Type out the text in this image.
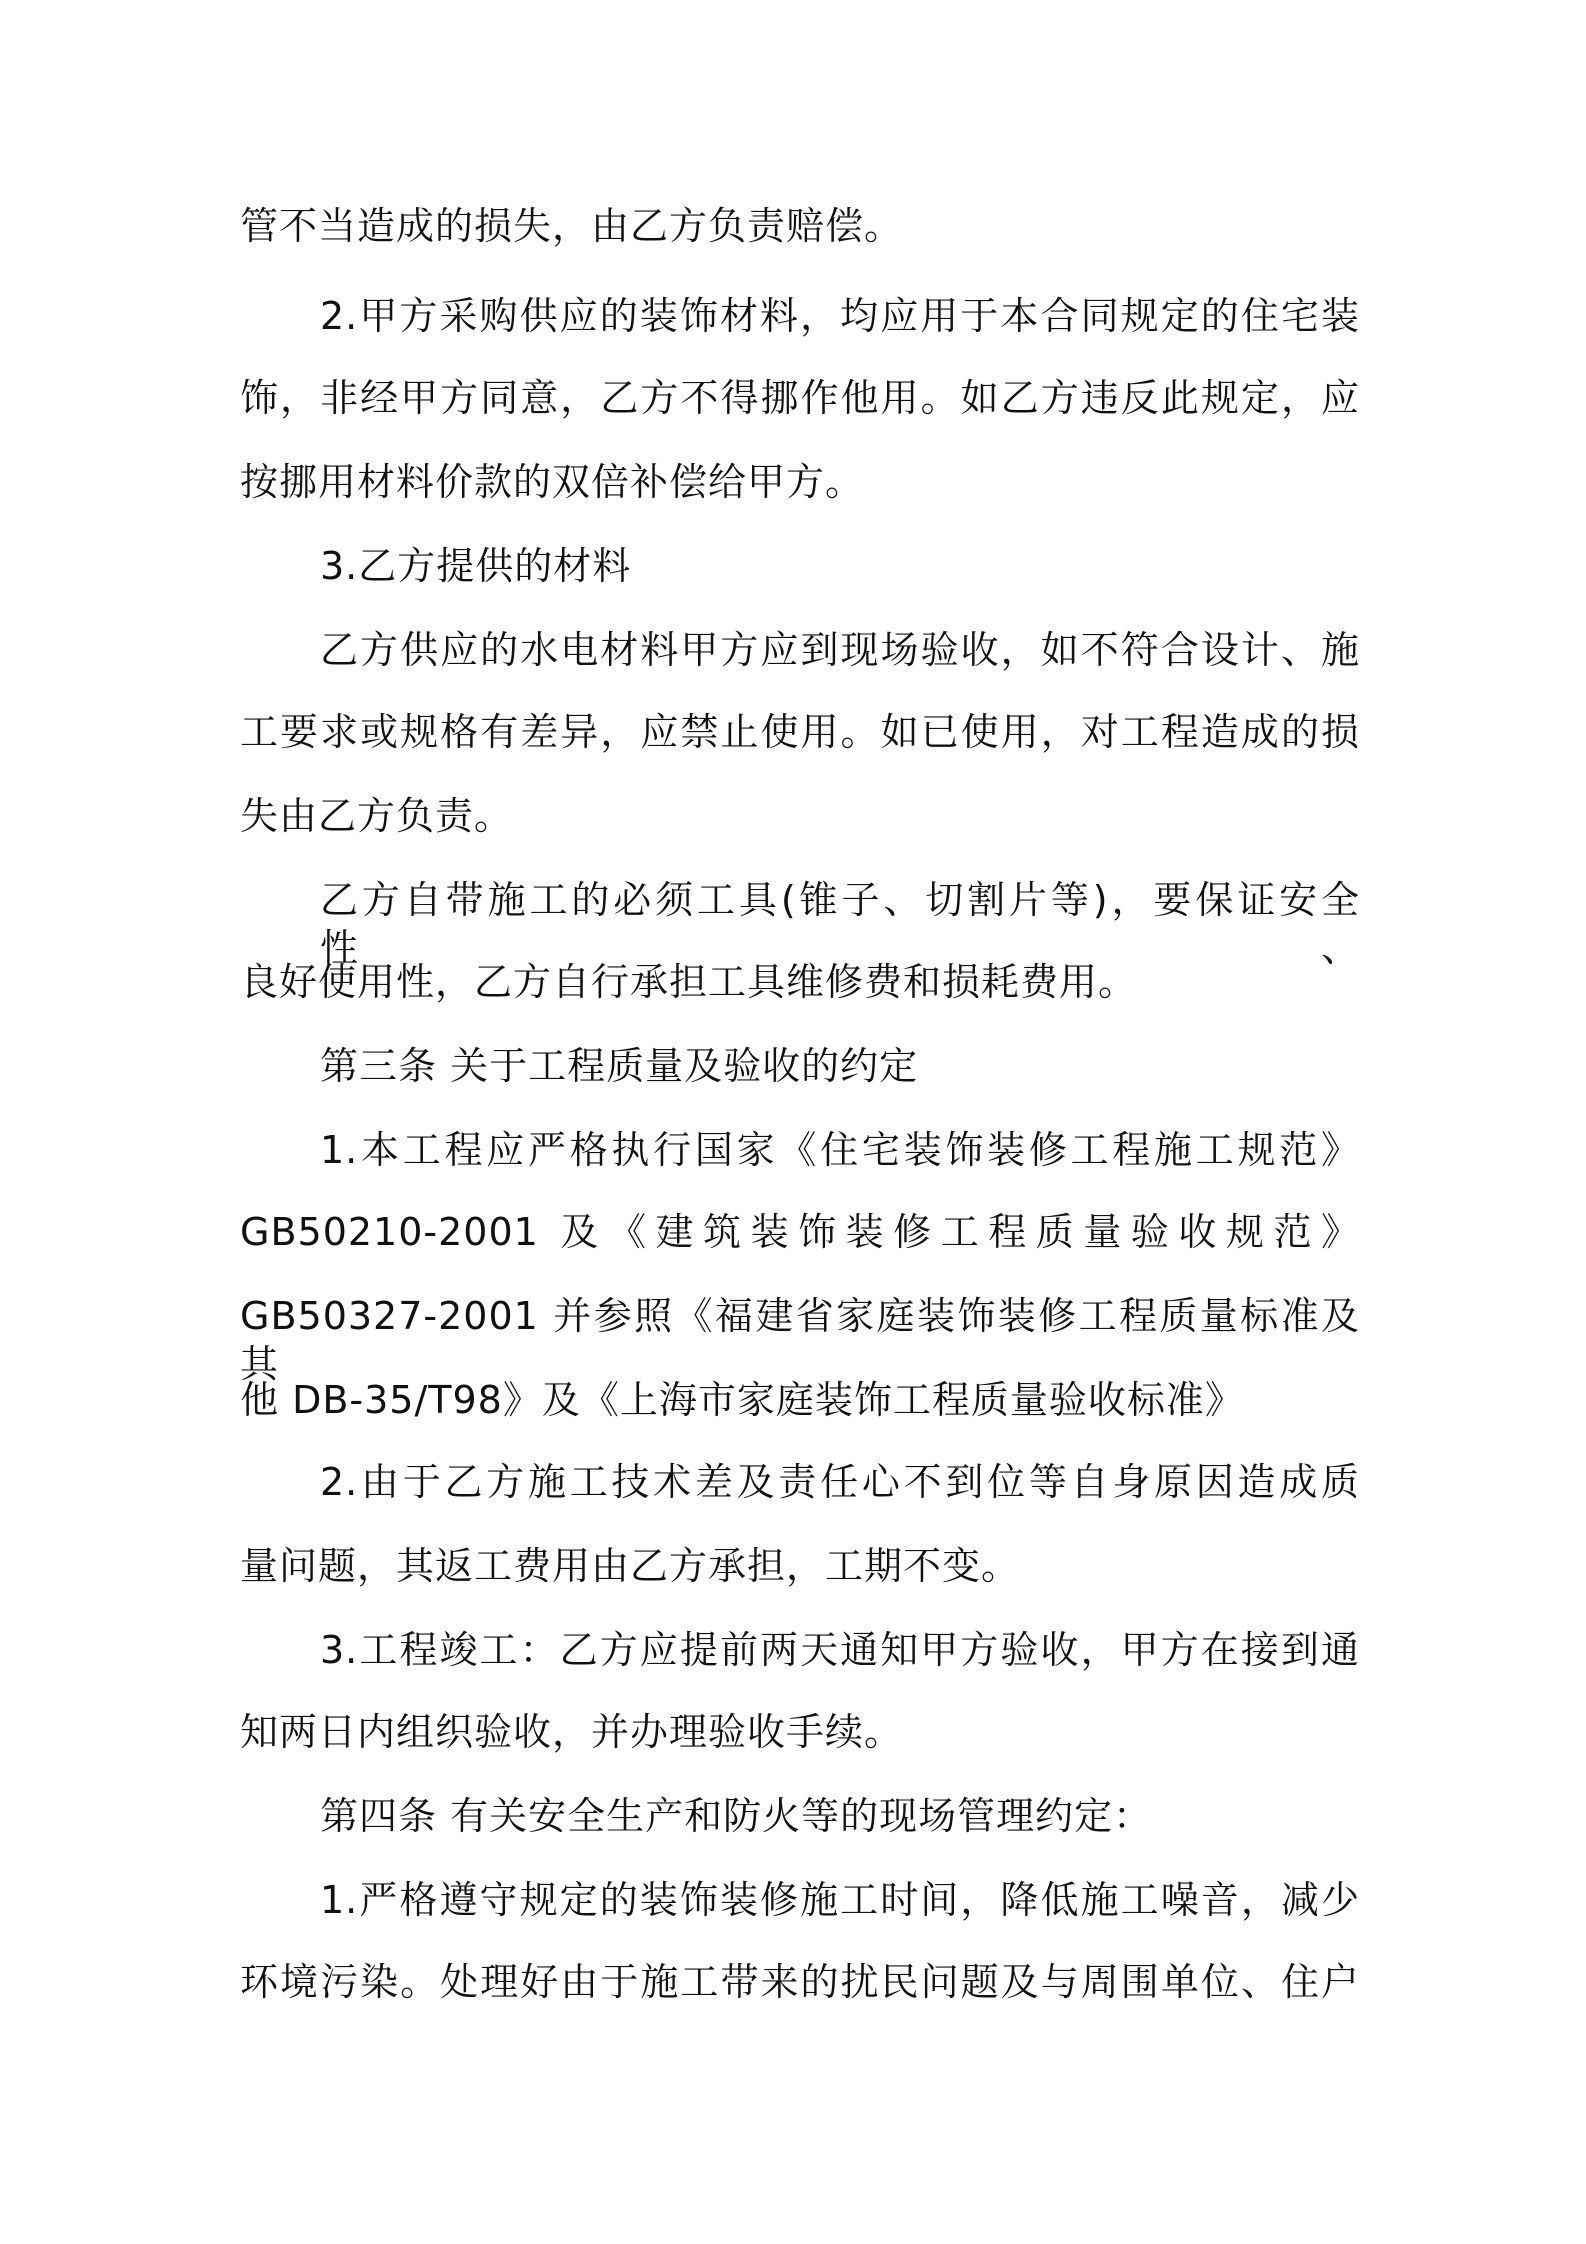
管不当造成的损失，由乙方负责赔偿。
2.甲方采购供应的装饰材料，均应用于本合同规定的住宅装
饰，非经甲方同意，乙方不得挪作他用。如乙方违反此规定，应
按挪用材料价款的双倍补偿给甲方。
3.乙方提供的材料
乙方供应的水电材料甲方应到现场验收，如不符合设计、施
工要求或规格有差异，应禁止使用。如已使用，对工程造成的损
失由乙方负责。
乙方自带施工的必须工具(锥子、切割片等)，要保证安全性、
良好使用性，乙方自行承担工具维修费和损耗费用。
第三条 关于工程质量及验收的约定
1.本工程应严格执行国家《住宅装饰装修工程施工规范》
GB50210-2001 及《建筑装饰装修工程质量验收规范》
GB50327-2001 并参照《福建省家庭装饰装修工程质量标准及其
他 DB-35/T98》及《上海市家庭装饰工程质量验收标准》
2.由于乙方施工技术差及责任心不到位等自身原因造成质
量问题，其返工费用由乙方承担，工期不变。
3.工程竣工：乙方应提前两天通知甲方验收，甲方在接到通
知两日内组织验收，并办理验收手续。
第四条 有关安全生产和防火等的现场管理约定：
1.严格遵守规定的装饰装修施工时间，降低施工噪音，减少
环境污染。处理好由于施工带来的扰民问题及与周围单位、住户
